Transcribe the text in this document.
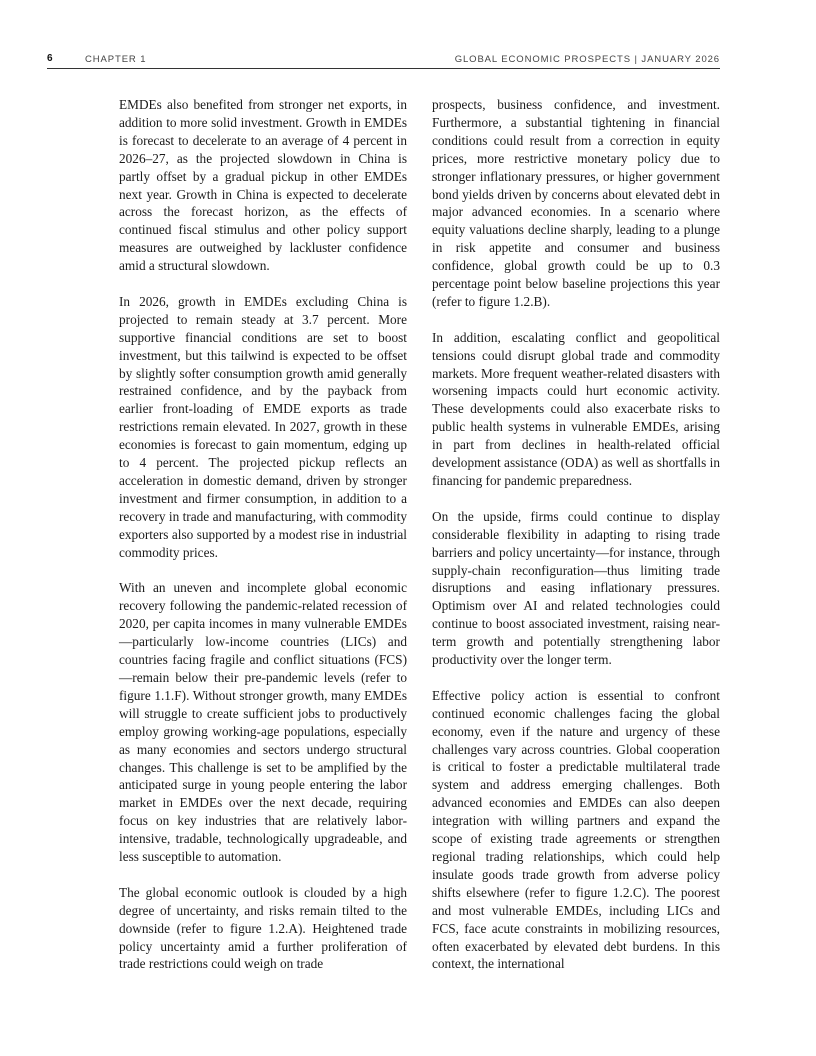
6	CHAPTER 1	GLOBAL ECONOMIC PROSPECTS | JANUARY 2026

EMDEs also benefited from stronger net exports, in addition to more solid investment. Growth in EMDEs is forecast to decelerate to an average of 4 percent in 2026–27, as the projected slowdown in China is partly offset by a gradual pickup in other EMDEs next year. Growth in China is expected to decelerate across the forecast horizon, as the effects of continued fiscal stimulus and other policy support measures are outweighed by lackluster confidence amid a structural slowdown.

In 2026, growth in EMDEs excluding China is projected to remain steady at 3.7 percent. More supportive financial conditions are set to boost investment, but this tailwind is expected to be offset by slightly softer consumption growth amid generally restrained confidence, and by the payback from earlier front-loading of EMDE exports as trade restrictions remain elevated. In 2027, growth in these economies is forecast to gain momentum, edging up to 4 percent. The projected pickup reflects an acceleration in domestic demand, driven by stronger investment and firmer consumption, in addition to a recovery in trade and manufacturing, with commodity exporters also supported by a modest rise in industrial commodity prices.

With an uneven and incomplete global economic recovery following the pandemic-related recession of 2020, per capita incomes in many vulnerable EMDEs—particularly low-income countries (LICs) and countries facing fragile and conflict situations (FCS)—remain below their pre-pandemic levels (refer to figure 1.1.F). Without stronger growth, many EMDEs will struggle to create sufficient jobs to productively employ growing working-age populations, especially as many economies and sectors undergo structural changes. This challenge is set to be amplified by the anticipated surge in young people entering the labor market in EMDEs over the next decade, requiring focus on key industries that are relatively labor-intensive, tradable, technologically upgradeable, and less susceptible to automation.

The global economic outlook is clouded by a high degree of uncertainty, and risks remain tilted to the downside (refer to figure 1.2.A). Heightened trade policy uncertainty amid a further proliferation of trade restrictions could weigh on trade

prospects, business confidence, and investment. Furthermore, a substantial tightening in financial conditions could result from a correction in equity prices, more restrictive monetary policy due to stronger inflationary pressures, or higher government bond yields driven by concerns about elevated debt in major advanced economies. In a scenario where equity valuations decline sharply, leading to a plunge in risk appetite and consumer and business confidence, global growth could be up to 0.3 percentage point below baseline projections this year (refer to figure 1.2.B).

In addition, escalating conflict and geopolitical tensions could disrupt global trade and commodity markets. More frequent weather-related disasters with worsening impacts could hurt economic activity. These developments could also exacerbate risks to public health systems in vulnerable EMDEs, arising in part from declines in health-related official development assistance (ODA) as well as shortfalls in financing for pandemic preparedness.

On the upside, firms could continue to display considerable flexibility in adapting to rising trade barriers and policy uncertainty—for instance, through supply-chain reconfiguration—thus limiting trade disruptions and easing inflationary pressures. Optimism over AI and related technologies could continue to boost associated investment, raising near-term growth and potentially strengthening labor productivity over the longer term.

Effective policy action is essential to confront continued economic challenges facing the global economy, even if the nature and urgency of these challenges vary across countries. Global cooperation is critical to foster a predictable multilateral trade system and address emerging challenges. Both advanced economies and EMDEs can also deepen integration with willing partners and expand the scope of existing trade agreements or strengthen regional trading relationships, which could help insulate goods trade growth from adverse policy shifts elsewhere (refer to figure 1.2.C). The poorest and most vulnerable EMDEs, including LICs and FCS, face acute constraints in mobilizing resources, often exacerbated by elevated debt burdens. In this context, the international
